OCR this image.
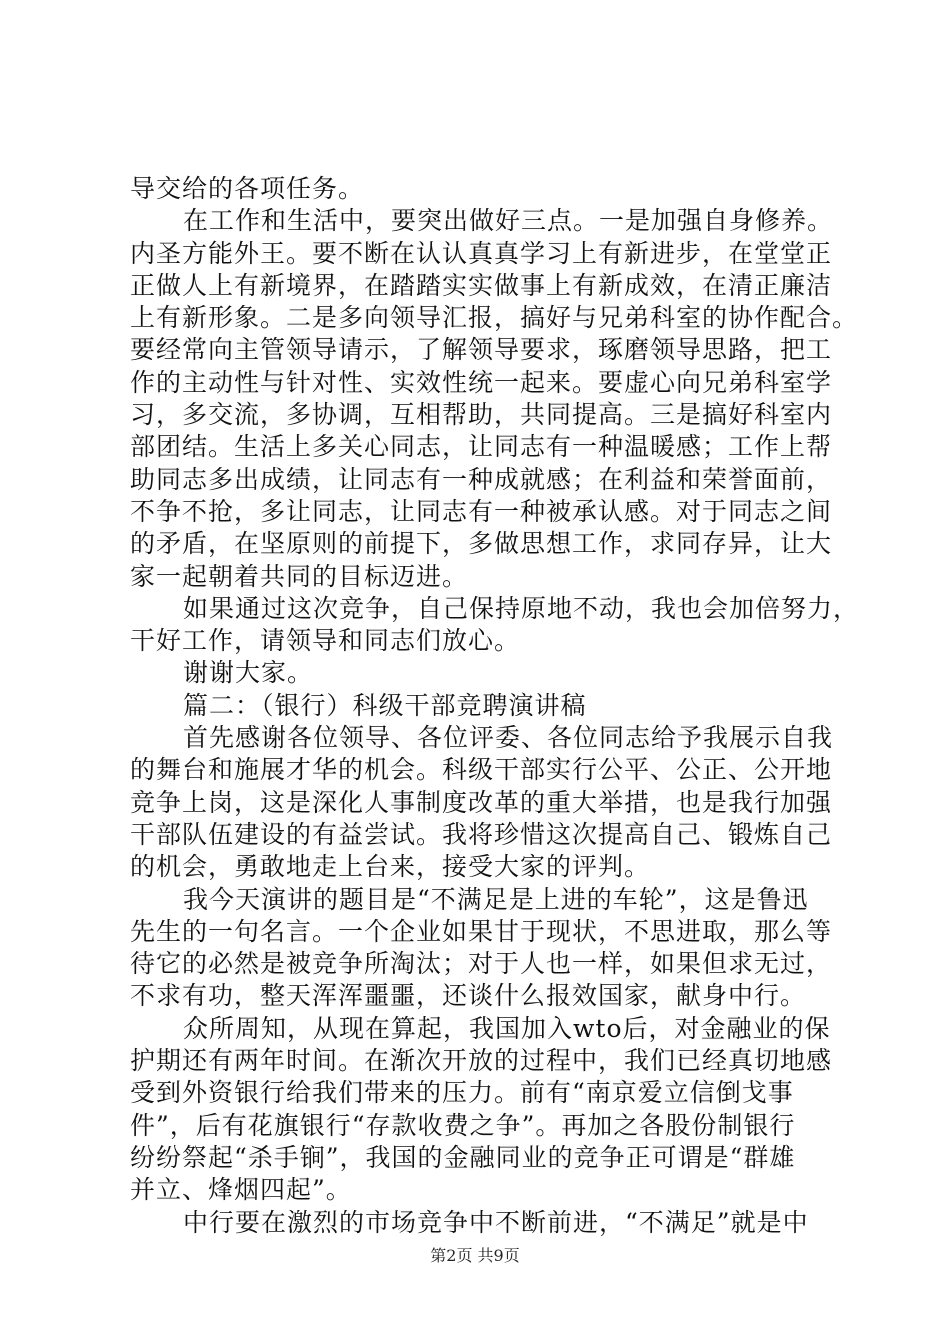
导交给的各项任务。
在工作和生活中，要突出做好三点。一是加强自身修养。
内圣方能外王。要不断在认认真真学习上有新进步，在堂堂正
正做人上有新境界，在踏踏实实做事上有新成效，在清正廉洁
上有新形象。二是多向领导汇报，搞好与兄弟科室的协作配合。
要经常向主管领导请示，了解领导要求，琢磨领导思路，把工
作的主动性与针对性、实效性统一起来。要虚心向兄弟科室学
习，多交流，多协调，互相帮助，共同提高。三是搞好科室内
部团结。生活上多关心同志，让同志有一种温暖感；工作上帮
助同志多出成绩，让同志有一种成就感；在利益和荣誉面前，
不争不抢，多让同志，让同志有一种被承认感。对于同志之间
的矛盾，在坚原则的前提下，多做思想工作，求同存异，让大
家一起朝着共同的目标迈进。
如果通过这次竞争，自己保持原地不动，我也会加倍努力，
干好工作，请领导和同志们放心。
谢谢大家。
篇二：（银行）科级干部竞聘演讲稿
首先感谢各位领导、各位评委、各位同志给予我展示自我
的舞台和施展才华的机会。科级干部实行公平、公正、公开地
竞争上岗，这是深化人事制度改革的重大举措，也是我行加强
干部队伍建设的有益尝试。我将珍惜这次提高自己、锻炼自己
的机会，勇敢地走上台来，接受大家的评判。
我今天演讲的题目是“不满足是上进的车轮”，这是鲁迅
先生的一句名言。一个企业如果甘于现状，不思进取，那么等
待它的必然是被竞争所淘汰；对于人也一样，如果但求无过，
不求有功，整天浑浑噩噩，还谈什么报效国家，献身中行。
众所周知，从现在算起，我国加入wto后，对金融业的保
护期还有两年时间。在渐次开放的过程中，我们已经真切地感
受到外资银行给我们带来的压力。前有“南京爱立信倒戈事
件”，后有花旗银行“存款收费之争”。再加之各股份制银行
纷纷祭起“杀手锏”，我国的金融同业的竞争正可谓是“群雄
并立、烽烟四起”。
中行要在激烈的市场竞争中不断前进，“不满足”就是中
第2页 共9页
